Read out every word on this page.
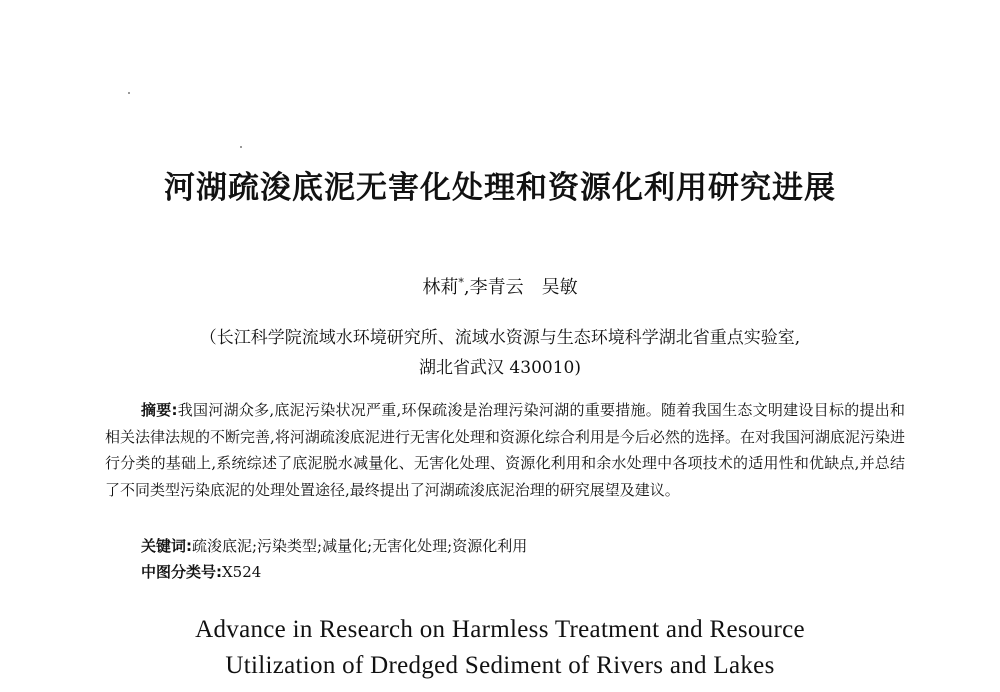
河湖疏浚底泥无害化处理和资源化利用研究进展
林莉*,李青云　吴敏
（长江科学院流域水环境研究所、流域水资源与生态环境科学湖北省重点实验室,
湖北省武汉 430010)
摘要:我国河湖众多,底泥污染状况严重,环保疏浚是治理污染河湖的重要措施。随着我国生态文明建设目标的提出和相关法律法规的不断完善,将河湖疏浚底泥进行无害化处理和资源化综合利用是今后必然的选择。在对我国河湖底泥污染进行分类的基础上,系统综述了底泥脱水减量化、无害化处理、资源化利用和余水处理中各项技术的适用性和优缺点,并总结了不同类型污染底泥的处理处置途径,最终提出了河湖疏浚底泥治理的研究展望及建议。
关键词:疏浚底泥;污染类型;减量化;无害化处理;资源化利用
中图分类号:X524
Advance in Research on Harmless Treatment and Resource
Utilization of Dredged Sediment of Rivers and Lakes
